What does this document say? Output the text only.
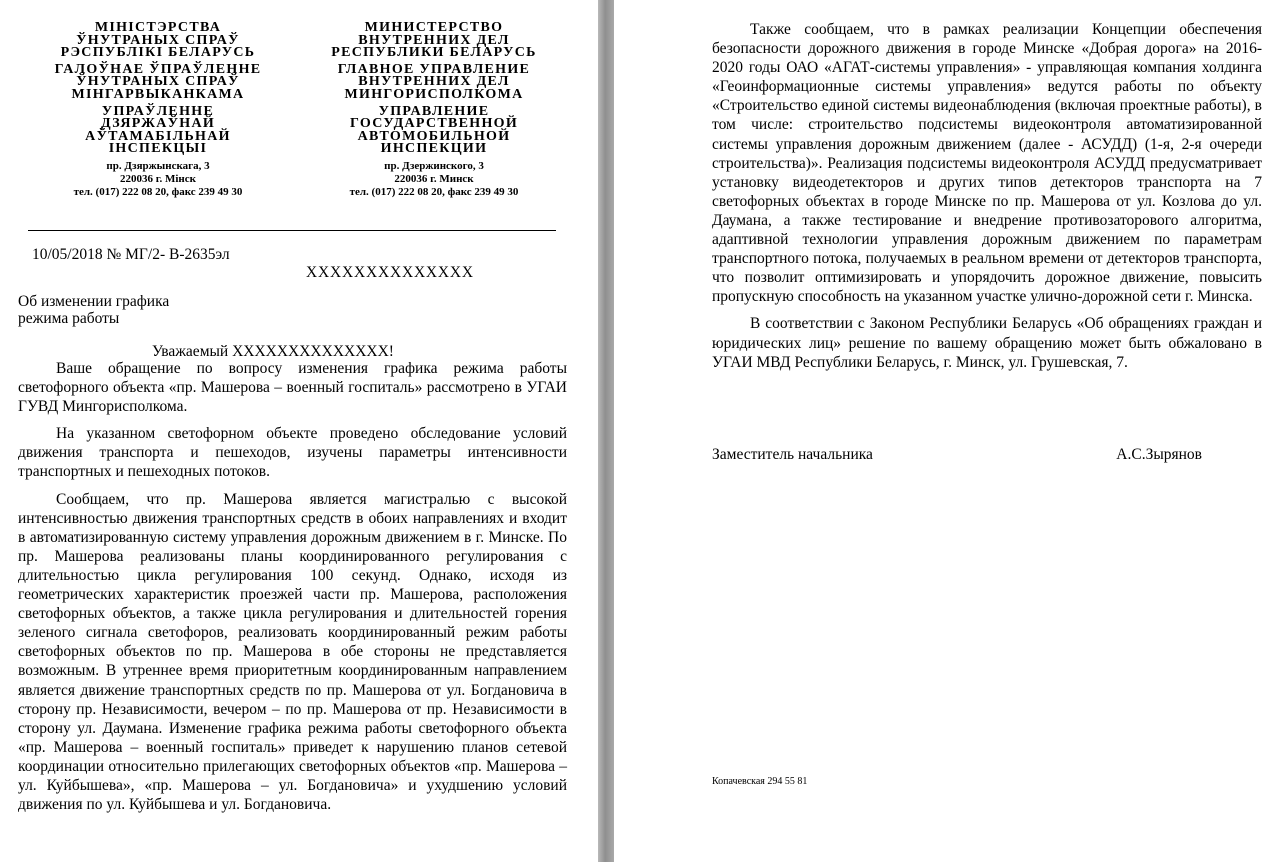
МІНІСТЭРСТВА
ЎНУТРАНЫХ СПРАЎ
РЭСПУБЛІКІ БЕЛАРУСЬ
ГАЛОЎНАЕ ЎПРАЎЛЕННЕ
ЎНУТРАНЫХ СПРАЎ
МІНГАРВЫКАНКАМА
УПРАЎЛЕННЕ
ДЗЯРЖАЎНАЙ
АЎТАМАБІЛЬНАЙ
ІНСПЕКЦЫІ
пр. Дзяржынскага, 3
220036 г. Мінск
тел. (017) 222 08 20, факс 239 49 30
МИНИСТЕРСТВО
ВНУТРЕННИХ ДЕЛ
РЕСПУБЛИКИ БЕЛАРУСЬ
ГЛАВНОЕ УПРАВЛЕНИЕ
ВНУТРЕННИХ ДЕЛ
МИНГОРИСПОЛКОМА
УПРАВЛЕНИЕ
ГОСУДАРСТВЕННОЙ
АВТОМОБИЛЬНОЙ
ИНСПЕКЦИИ
пр. Дзержинского, 3
220036 г. Минск
тел. (017) 222 08 20, факс 239 49 30
10/05/2018 № МГ/2- В-2635эл
XXXXXXXXXXXXXX
Об изменении графика
режима работы
Уважаемый XXXXXXXXXXXXXX!

Ваше обращение по вопросу изменения графика режима работы светофорного объекта «пр. Машерова – военный госпиталь» рассмотрено в УГАИ ГУВД Мингорисполкома.

На указанном светофорном объекте проведено обследование условий движения транспорта и пешеходов, изучены параметры интенсивности транспортных и пешеходных потоков.

Сообщаем, что пр. Машерова является магистралью с высокой интенсивностью движения транспортных средств в обоих направлениях и входит в автоматизированную систему управления дорожным движением в г. Минске. По пр. Машерова реализованы планы координированного регулирования с длительностью цикла регулирования 100 секунд. Однако, исходя из геометрических характеристик проезжей части пр. Машерова, расположения светофорных объектов, а также цикла регулирования и длительностей горения зеленого сигнала светофоров, реализовать координированный режим работы светофорных объектов по пр. Машерова в обе стороны не представляется возможным. В утреннее время приоритетным координированным направлением является движение транспортных средств по пр. Машерова от ул. Богдановича в сторону пр. Независимости, вечером – по пр. Машерова от пр. Независимости в сторону ул. Даумана. Изменение графика режима работы светофорного объекта «пр. Машерова – военный госпиталь» приведет к нарушению планов сетевой координации относительно прилегающих светофорных объектов «пр. Машерова – ул. Куйбышева», «пр. Машерова – ул. Богдановича» и ухудшению условий движения по ул. Куйбышева и ул. Богдановича.

Также сообщаем, что в рамках реализации Концепции обеспечения безопасности дорожного движения в городе Минске «Добрая дорога» на 2016-2020 годы ОАО «АГАТ-системы управления» - управляющая компания холдинга «Геоинформационные системы управления» ведутся работы по объекту «Строительство единой системы видеонаблюдения (включая проектные работы), в том числе: строительство подсистемы видеоконтроля автоматизированной системы управления дорожным движением (далее - АСУДД) (1-я, 2-я очереди строительства)». Реализация подсистемы видеоконтроля АСУДД предусматривает установку видеодетекторов и других типов детекторов транспорта на 7 светофорных объектах в городе Минске по пр. Машерова от ул. Козлова до ул. Даумана, а также тестирование и внедрение противозаторового алгоритма, адаптивной технологии управления дорожным движением по параметрам транспортного потока, получаемых в реальном времени от детекторов транспорта, что позволит оптимизировать и упорядочить дорожное движение, повысить пропускную способность на указанном участке улично-дорожной сети г. Минска.

В соответствии с Законом Республики Беларусь «Об обращениях граждан и юридических лиц» решение по вашему обращению может быть обжаловано в УГАИ МВД Республики Беларусь, г. Минск, ул. Грушевская, 7.

Заместитель начальника	А.С.Зырянов
Копачевская 294 55 81
